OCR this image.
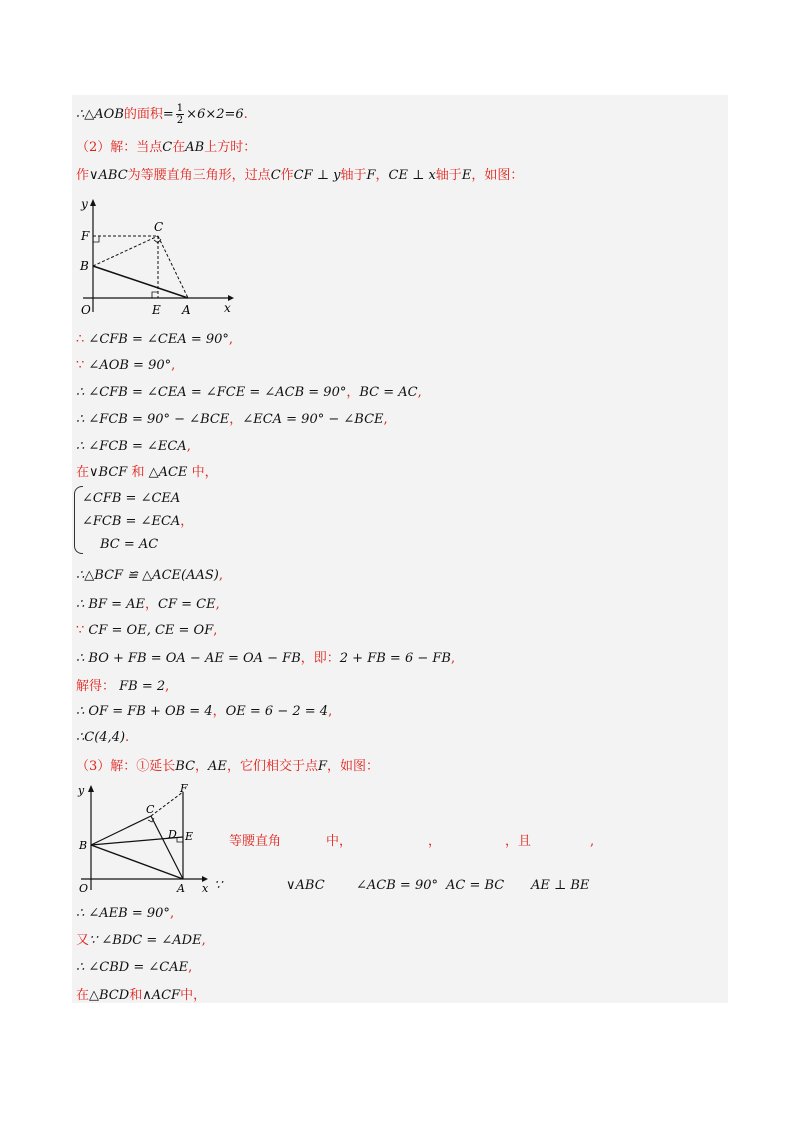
∴△AOB的面积= $\frac{1}{2} \times 6\times 2=6$.
（2）解：当点C在AB上方时：
作∨ABC为等腰直角三角形，过点C作CF ⊥ y轴于F，CE ⊥ x轴于E，如图：
y
x
F
C
B
O	E A
∴ ∠CFB = ∠CEA = 90°,
∵ ∠AOB = 90°,
∴ ∠CFB = ∠CEA = ∠FCE = ∠ACB = 90°，BC = AC,
∴ ∠FCB = 90° − ∠BCE，∠ECA = 90° − ∠BCE,
∴ ∠FCB = ∠ECA,
在∨BCF 和 △ACE 中，
∠CFB = ∠CEA
∠FCB = ∠ECA，
BC = AC
∴△BCF ≌ △ACE(AAS),
∴ BF = AE，CF = CE,
∵ CF = OE, CE = OF,
∴ BO + FB = OA − AE = OA − FB，即：2 + FB = 6 − FB,
解得： FB = 2,
∴ OF = FB + OB = 4，OE = 6 − 2 = 4,
∴C(4,4).
（3）解：①延长BC，AE，它们相交于点F，如图：
y
x
F
C
D E
B
O	A
等腰直角	中，	，	，且	,
∵	∨ABC ∠ACB = 90° AC = BC AE ⊥ BE
∴ ∠AEB = 90°,
又∵ ∠BDC = ∠ADE,
∴ ∠CBD = ∠CAE,
在△BCD和∧ACF中，
